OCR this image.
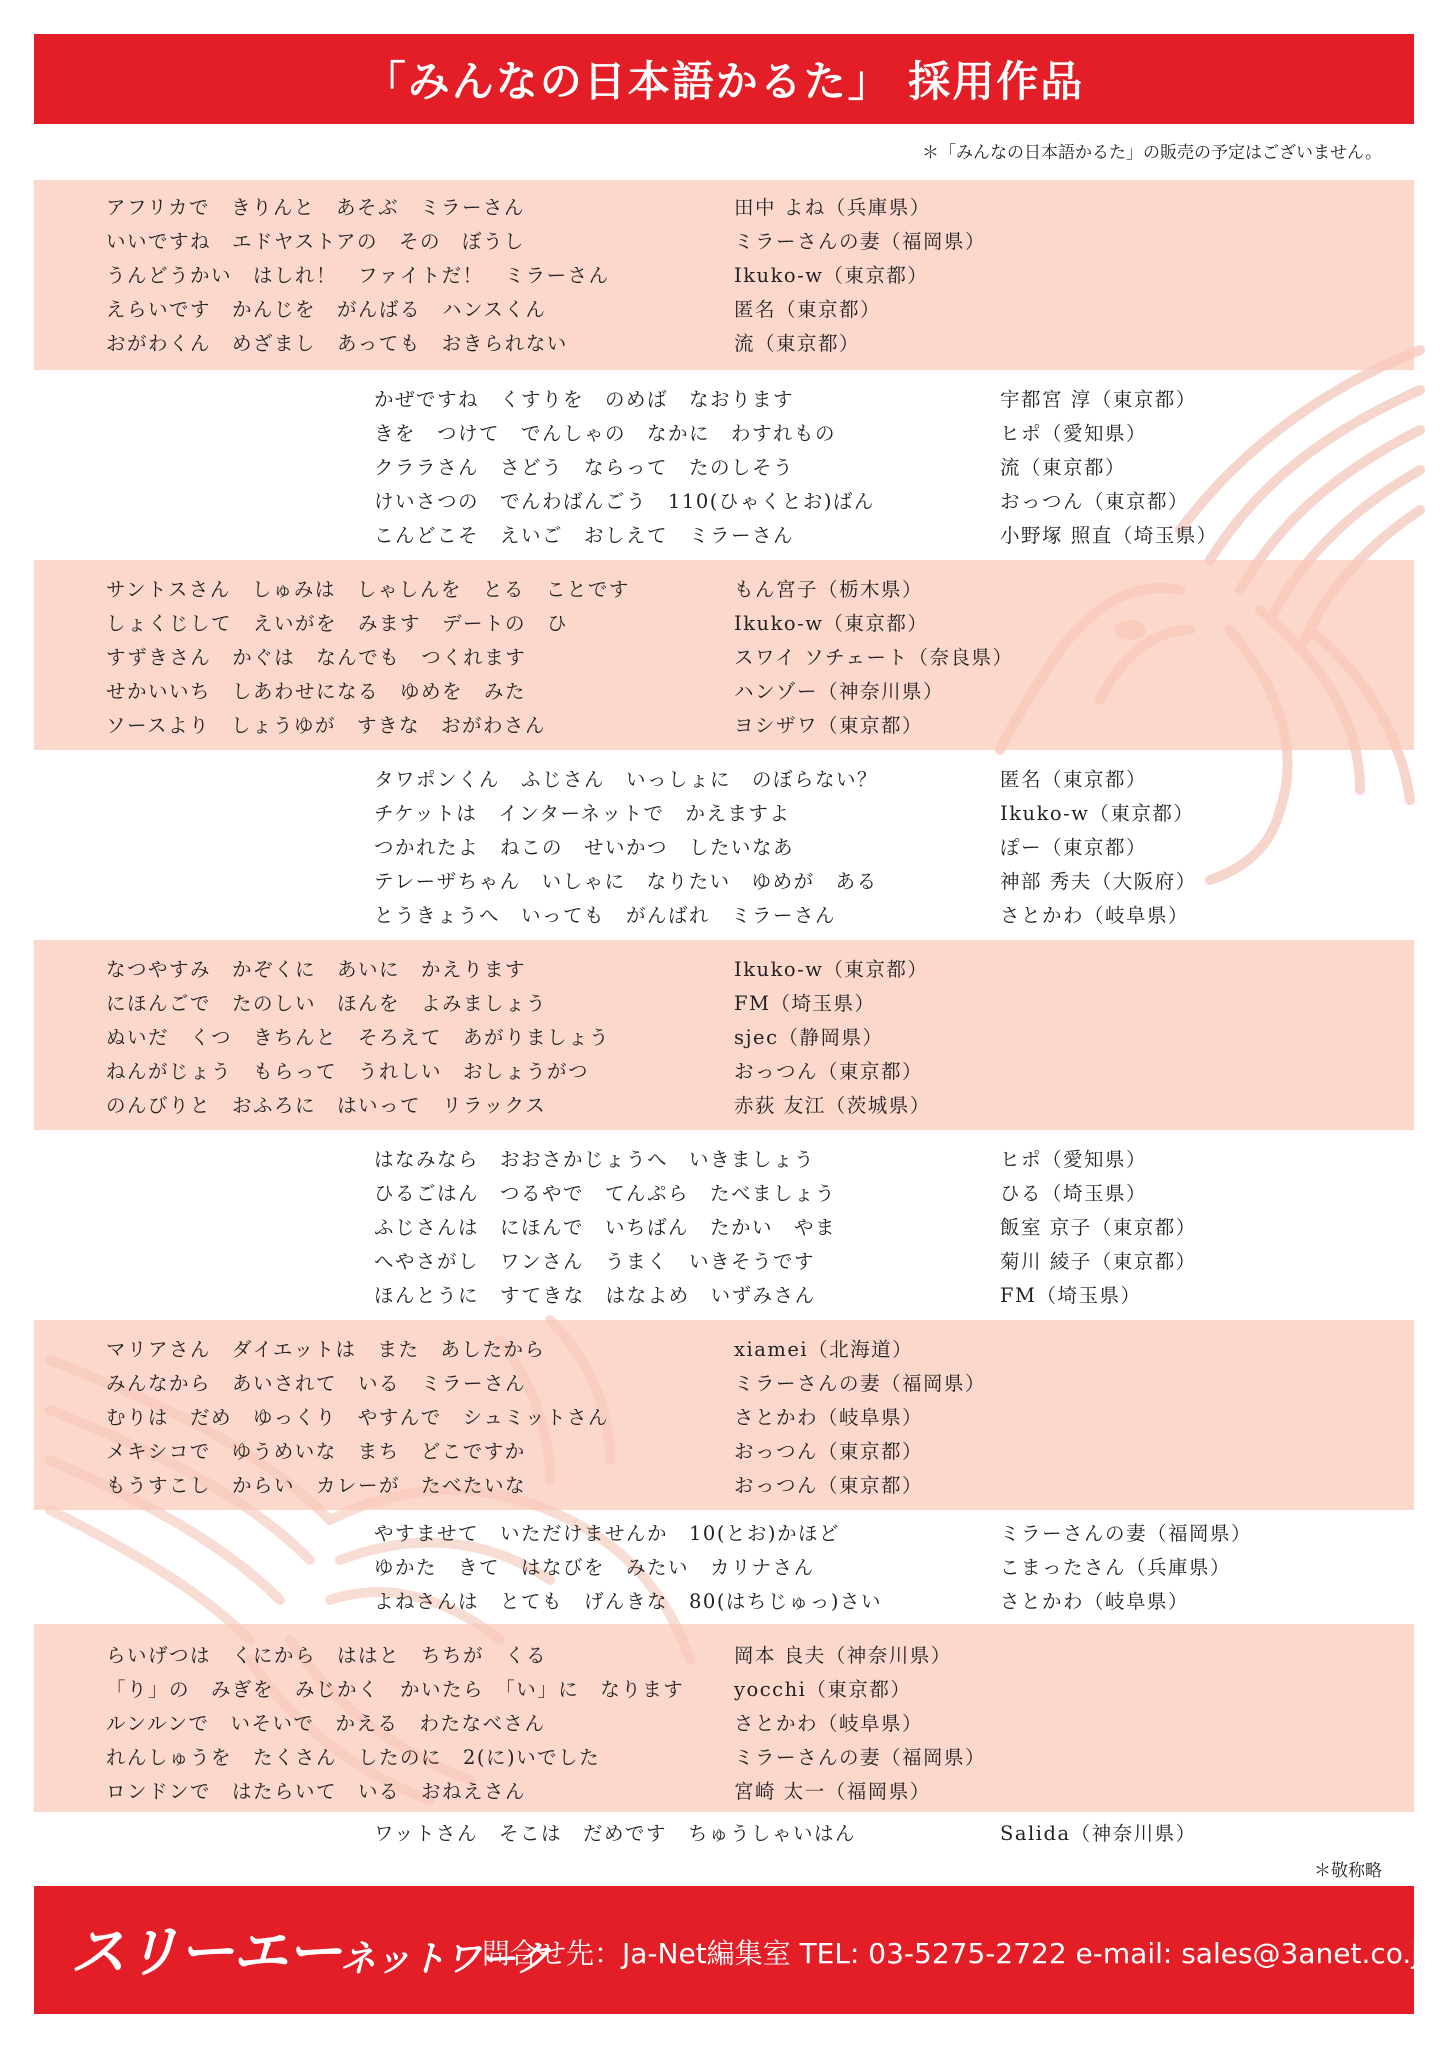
「みんなの日本語かるた」 採用作品
＊「みんなの日本語かるた」の販売の予定はございません。
アフリカで　きりんと　あそぶ　ミラーさん	田中 よね（兵庫県）
いいですね　エドヤストアの　その　ぼうし	ミラーさんの妻（福岡県）
うんどうかい　はしれ！　ファイトだ！　ミラーさん	Ikuko-w（東京都）
えらいです　かんじを　がんばる　ハンスくん	匿名（東京都）
おがわくん　めざまし　あっても　おきられない	流（東京都）
かぜですね　くすりを　のめば　なおります	宇都宮 淳（東京都）
きを　つけて　でんしゃの　なかに　わすれもの	ヒポ（愛知県）
クララさん　さどう　ならって　たのしそう	流（東京都）
けいさつの　でんわばんごう　110(ひゃくとお)ばん	おっつん（東京都）
こんどこそ　えいご　おしえて　ミラーさん	小野塚 照直（埼玉県）
サントスさん　しゅみは　しゃしんを　とる　ことです	もん宮子（栃木県）
しょくじして　えいがを　みます　デートの　ひ	Ikuko-w（東京都）
すずきさん　かぐは　なんでも　つくれます	スワイ ソチェート（奈良県）
せかいいち　しあわせになる　ゆめを　みた	ハンゾー（神奈川県）
ソースより　しょうゆが　すきな　おがわさん	ヨシザワ（東京都）
タワポンくん　ふじさん　いっしょに　のぼらない？	匿名（東京都）
チケットは　インターネットで　かえますよ	Ikuko-w（東京都）
つかれたよ　ねこの　せいかつ　したいなあ	ぽー（東京都）
テレーザちゃん　いしゃに　なりたい　ゆめが　ある	神部 秀夫（大阪府）
とうきょうへ　いっても　がんばれ　ミラーさん	さとかわ（岐阜県）
なつやすみ　かぞくに　あいに　かえります	Ikuko-w（東京都）
にほんごで　たのしい　ほんを　よみましょう	FM（埼玉県）
ぬいだ　くつ　きちんと　そろえて　あがりましょう	sjec（静岡県）
ねんがじょう　もらって　うれしい　おしょうがつ	おっつん（東京都）
のんびりと　おふろに　はいって　リラックス	赤荻 友江（茨城県）
はなみなら　おおさかじょうへ　いきましょう	ヒポ（愛知県）
ひるごはん　つるやで　てんぷら　たべましょう	ひる（埼玉県）
ふじさんは　にほんで　いちばん　たかい　やま	飯室 京子（東京都）
へやさがし　ワンさん　うまく　いきそうです	菊川 綾子（東京都）
ほんとうに　すてきな　はなよめ　いずみさん	FM（埼玉県）
マリアさん　ダイエットは　また　あしたから	xiamei（北海道）
みんなから　あいされて　いる　ミラーさん	ミラーさんの妻（福岡県）
むりは　だめ　ゆっくり　やすんで　シュミットさん	さとかわ（岐阜県）
メキシコで　ゆうめいな　まち　どこですか	おっつん（東京都）
もうすこし　からい　カレーが　たべたいな	おっつん（東京都）
やすませて　いただけませんか　10(とお)かほど	ミラーさんの妻（福岡県）
ゆかた　きて　はなびを　みたい　カリナさん	こまったさん（兵庫県）
よねさんは　とても　げんきな　80(はちじゅっ)さい	さとかわ（岐阜県）
らいげつは　くにから　ははと　ちちが　くる	岡本 良夫（神奈川県）
「り」の　みぎを　みじかく　かいたら　「い」に　なります	yocchi（東京都）
ルンルンで　いそいで　かえる　わたなべさん	さとかわ（岐阜県）
れんしゅうを　たくさん　したのに　2(に)いでした	ミラーさんの妻（福岡県）
ロンドンで　はたらいて　いる　おねえさん	宮崎 太一（福岡県）
ワットさん　そこは　だめです　ちゅうしゃいはん	Salida（神奈川県）
＊敬称略
スリーエーネットワーク
問合せ先：Ja-Net編集室 TEL: 03-5275-2722 e-mail: sales@3anet.co.jp
